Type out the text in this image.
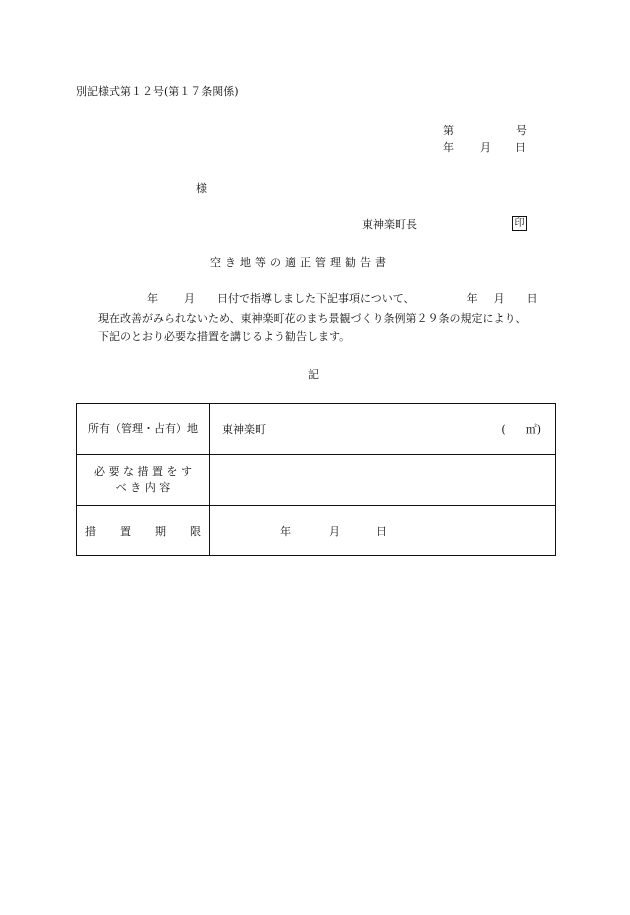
別記様式第１２号(第１７条関係)
第	号
年 月 日
様
東神楽町長	印
空き地等の適正管理勧告書
年 月 日付で指導しました下記事項について、	年 月 日
現在改善がみられないため、東神楽町花のまち景観づくり条例第２９条の規定により、
下記のとおり必要な措置を講じるよう勧告します。
記
所有（管理・占有）地	東神楽町 ( ㎡)

必 要 な 措 置 を す
べ き 内 容	

措 置 期 限	年 月 日
